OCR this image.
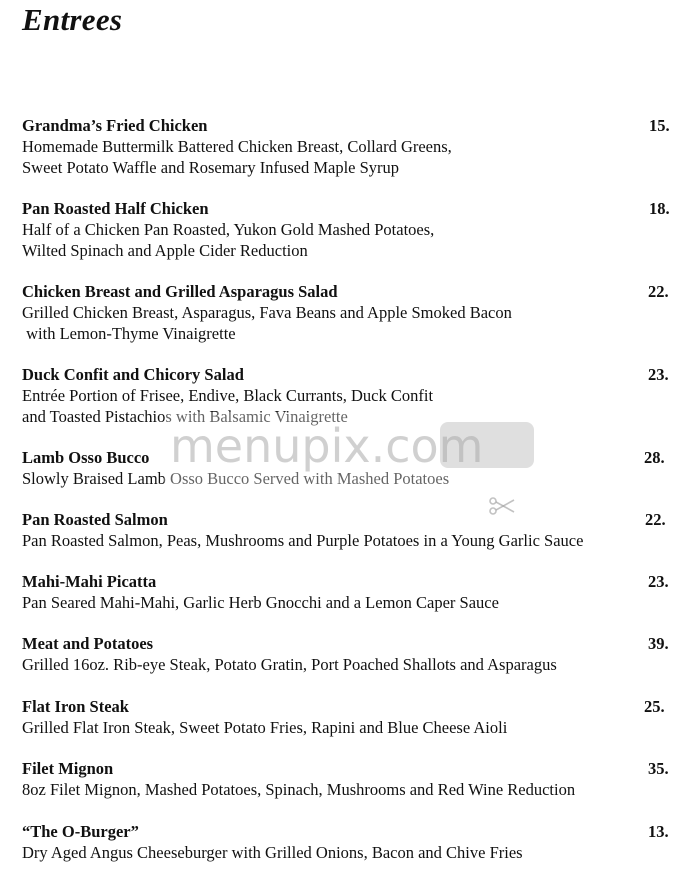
Entrees
Grandma’s Fried Chicken	15.
Homemade Buttermilk Battered Chicken Breast, Collard Greens,
Sweet Potato Waffle and Rosemary Infused Maple Syrup
Pan Roasted Half Chicken	18.
Half of a Chicken Pan Roasted, Yukon Gold Mashed Potatoes,
Wilted Spinach and Apple Cider Reduction
Chicken Breast and Grilled Asparagus Salad	22.
Grilled Chicken Breast, Asparagus, Fava Beans and Apple Smoked Bacon
with Lemon-Thyme Vinaigrette
Duck Confit and Chicory Salad	23.
Entrée Portion of Frisee, Endive, Black Currants, Duck Confit
and Toasted Pistachios with Balsamic Vinaigrette
Lamb Osso Bucco	28.
Slowly Braised Lamb Osso Bucco Served with Mashed Potatoes
Pan Roasted Salmon	22.
Pan Roasted Salmon, Peas, Mushrooms and Purple Potatoes in a Young Garlic Sauce
Mahi-Mahi Picatta	23.
Pan Seared Mahi-Mahi, Garlic Herb Gnocchi and a Lemon Caper Sauce
Meat and Potatoes	39.
Grilled 16oz. Rib-eye Steak, Potato Gratin, Port Poached Shallots and Asparagus
Flat Iron Steak	25.
Grilled Flat Iron Steak, Sweet Potato Fries, Rapini and Blue Cheese Aioli
Filet Mignon	35.
8oz Filet Mignon, Mashed Potatoes, Spinach, Mushrooms and Red Wine Reduction
“The O-Burger”	13.
Dry Aged Angus Cheeseburger with Grilled Onions, Bacon and Chive Fries
menupix.com
